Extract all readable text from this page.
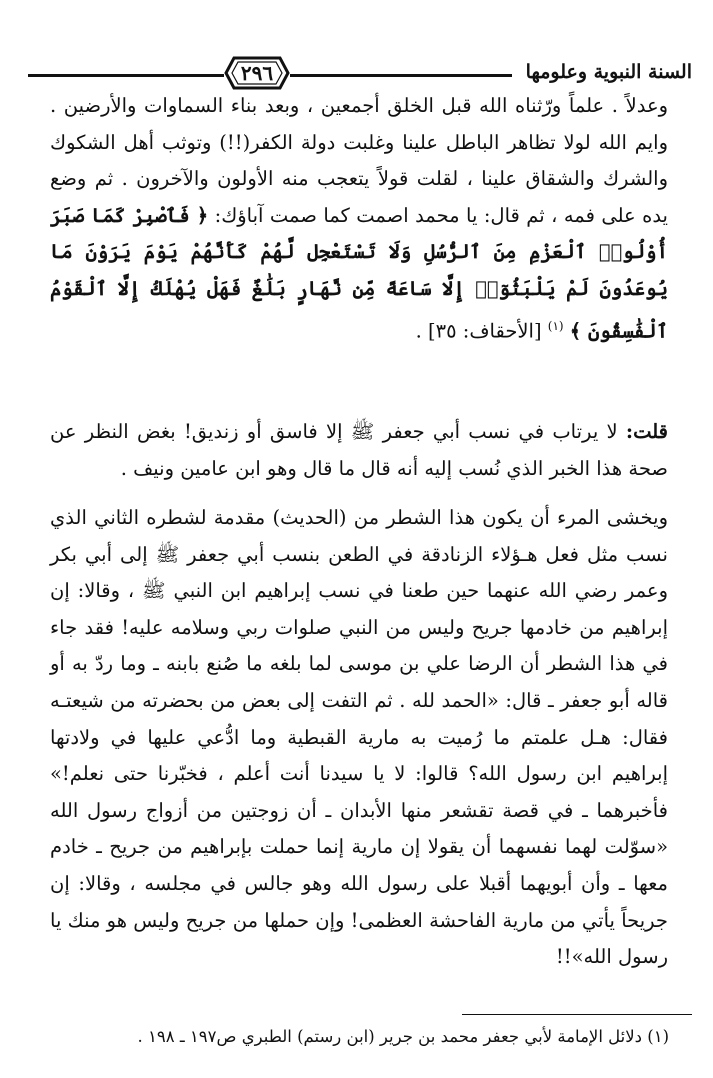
السنة النبوية وعلومها
٢٩٦

وعدلاً . علماً ورّثناه الله قبل الخلق أجمعين ، وبعد بناء السماوات والأرضين . وايم الله لولا تظاهر الباطل علينا وغلبت دولة الكفر(!!) وتوثب أهل الشكوك والشرك والشقاق علينا ، لقلت قولاً يتعجب منه الأولون والآخرون . ثم وضع يده على فمه ، ثم قال: يا محمد اصمت كما صمت آباؤك: ﴿ فَٱصْبِرْ كَمَا صَبَرَ أُوْلُوا۟ ٱلْعَزْمِ مِنَ ٱلرُّسُلِ وَلَا تَسْتَعْجِل لَّهُمْ كَأَنَّهُمْ يَوْمَ يَرَوْنَ مَا يُوعَدُونَ لَمْ يَلْبَثُوٓا۟ إِلَّا سَاعَةً مِّن نَّهَارٍ بَلَٰغٌ فَهَلْ يُهْلَكُ إِلَّا ٱلْقَوْمُ ٱلْفَٰسِقُونَ ﴾ $^{(١)}$ [الأحقاف: ٣٥] .

قلت: لا يرتاب في نسب أبي جعفر ﷺ إلا فاسق أو زنديق! بغض النظر عن صحة هذا الخبر الذي نُسب إليه أنه قال ما قال وهو ابن عامين ونيف .

ويخشى المرء أن يكون هذا الشطر من (الحديث) مقدمة لشطره الثاني الذي نسب مثل فعل هـؤلاء الزنادقة في الطعن بنسب أبي جعفر ﷺ إلى أبي بكر وعمر رضي الله عنهما حين طعنا في نسب إبراهيم ابن النبي ﷺ ، وقالا: إن إبراهيم من خادمها جريح وليس من النبي صلوات ربي وسلامه عليه! فقد جاء في هذا الشطر أن الرضا علي بن موسى لما بلغه ما صُنع بابنه ـ وما ردّ به أو قاله أبو جعفر ـ قال: «الحمد لله . ثم التفت إلى بعض من بحضرته من شيعتـه فقال: هـل علمتم ما رُميت به مارية القبطية وما ادُّعي عليها في ولادتها إبراهيم ابن رسول الله؟ قالوا: لا يا سيدنا أنت أعلم ، فخبّرنا حتى نعلم!» فأخبرهما ـ في قصة تقشعر منها الأبدان ـ أن زوجتين من أزواج رسول الله «سوّلت لهما نفسهما أن يقولا إن مارية إنما حملت بإبراهيم من جريح ـ خادم معها ـ وأن أبويهما أقبلا على رسول الله وهو جالس في مجلسه ، وقالا: إن جريحاً يأتي من مارية الفاحشة العظمى! وإن حملها من جريح وليس هو منك يا رسول الله»!!

(١) دلائل الإمامة لأبي جعفر محمد بن جرير (ابن رستم) الطبري ص١٩٧ ـ ١٩٨ .
